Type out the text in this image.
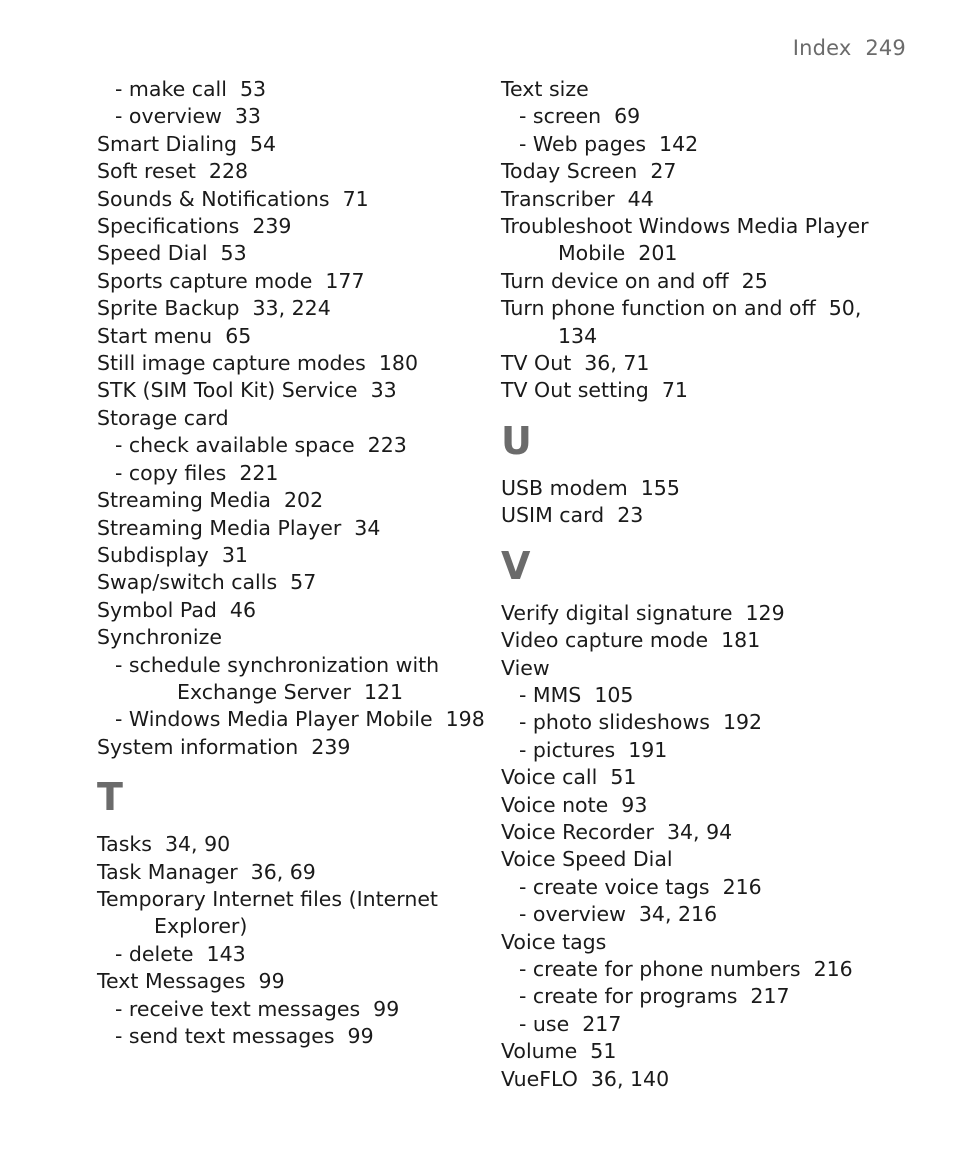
Index 249
- make call  53
- overview  33
Smart Dialing  54
Soft reset  228
Sounds & Notifications  71
Specifications  239
Speed Dial  53
Sports capture mode  177
Sprite Backup  33, 224
Start menu  65
Still image capture modes  180
STK (SIM Tool Kit) Service  33
Storage card
- check available space  223
- copy files  221
Streaming Media  202
Streaming Media Player  34
Subdisplay  31
Swap/switch calls  57
Symbol Pad  46
Synchronize
- schedule synchronization with
Exchange Server  121
- Windows Media Player Mobile  198
System information  239
T
Tasks  34, 90
Task Manager  36, 69
Temporary Internet files (Internet
Explorer)
- delete  143
Text Messages  99
- receive text messages  99
- send text messages  99
Text size
- screen  69
- Web pages  142
Today Screen  27
Transcriber  44
Troubleshoot Windows Media Player
Mobile  201
Turn device on and off  25
Turn phone function on and off  50,
134
TV Out  36, 71
TV Out setting  71
U
USB modem  155
USIM card  23
V
Verify digital signature  129
Video capture mode  181
View
- MMS  105
- photo slideshows  192
- pictures  191
Voice call  51
Voice note  93
Voice Recorder  34, 94
Voice Speed Dial
- create voice tags  216
- overview  34, 216
Voice tags
- create for phone numbers  216
- create for programs  217
- use  217
Volume  51
VueFLO  36, 140
